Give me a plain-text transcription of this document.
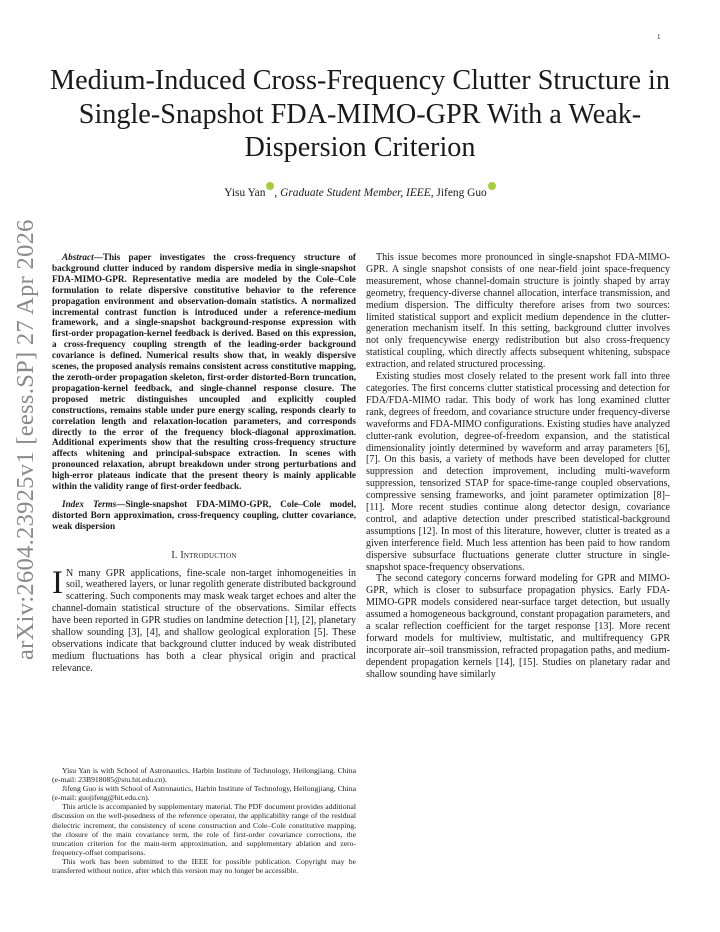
1
arXiv:2604.23925v1 [eess.SP] 27 Apr 2026
Medium-Induced Cross-Frequency Clutter Structure in Single-Snapshot FDA-MIMO-GPR With a Weak-Dispersion Criterion
Yisu Yan , Graduate Student Member, IEEE, Jifeng Guo

Abstract—This paper investigates the cross-frequency structure of background clutter induced by random dispersive media in single-snapshot FDA-MIMO-GPR. Representative media are modeled by the Cole–Cole formulation to relate dispersive constitutive behavior to the reference propagation environment and observation-domain statistics. A normalized incremental contrast function is introduced under a reference-medium framework, and a single-snapshot background-response expression with first-order propagation-kernel feedback is derived. Based on this expression, a cross-frequency coupling strength of the leading-order background covariance is defined. Numerical results show that, in weakly dispersive scenes, the proposed analysis remains consistent across constitutive mapping, the zeroth-order propagation skeleton, first-order distorted-Born truncation, propagation-kernel feedback, and single-channel response closure. The proposed metric distinguishes uncoupled and explicitly coupled constructions, remains stable under pure energy scaling, responds clearly to correlation length and relaxation-location parameters, and corresponds directly to the error of the frequency block-diagonal approximation. Additional experiments show that the resulting cross-frequency structure affects whitening and principal-subspace extraction. In scenes with pronounced relaxation, abrupt breakdown under strong perturbations and high-error plateaus indicate that the present theory is mainly applicable within the validity range of first-order feedback.

Index Terms—Single-snapshot FDA-MIMO-GPR, Cole–Cole model, distorted Born approximation, cross-frequency coupling, clutter covariance, weak dispersion

I. Introduction

I N many GPR applications, fine-scale non-target inhomogeneities in soil, weathered layers, or lunar regolith generate distributed background scattering. Such components may mask weak target echoes and alter the channel-domain statistical structure of the observations. Similar effects have been reported in GPR studies on landmine detection [1], [2], planetary shallow sounding [3], [4], and shallow geological exploration [5]. These observations indicate that background clutter induced by weak distributed medium fluctuations has both a clear physical origin and practical relevance.

This issue becomes more pronounced in single-snapshot FDA-MIMO-GPR. A single snapshot consists of one near-field joint space-frequency measurement, whose channel-domain structure is jointly shaped by array geometry, frequency-diverse channel allocation, interface transmission, and medium dispersion. The difficulty therefore arises from two sources: limited statistical support and explicit medium dependence in the clutter-generation mechanism itself. In this setting, background clutter involves not only frequencywise energy redistribution but also cross-frequency statistical coupling, which directly affects subsequent whitening, subspace extraction, and related structured processing.

Existing studies most closely related to the present work fall into three categories. The first concerns clutter statistical processing and detection for FDA/FDA-MIMO radar. This body of work has long examined clutter rank, degrees of freedom, and covariance structure under frequency-diverse waveforms and FDA-MIMO configurations. Existing studies have analyzed clutter-rank evolution, degree-of-freedom expansion, and the statistical dimensionality jointly determined by waveform and array parameters [6], [7]. On this basis, a variety of methods have been developed for clutter suppression and detection improvement, including multi-waveform suppression, tensorized STAP for space-time-range coupled observations, compressive sensing frameworks, and joint parameter optimization [8]–[11]. More recent studies continue along detector design, covariance control, and adaptive detection under prescribed statistical-background assumptions [12]. In most of this literature, however, clutter is treated as a given interference field. Much less attention has been paid to how random dispersive subsurface fluctuations generate clutter structure in single-snapshot space-frequency observations.

The second category concerns forward modeling for GPR and MIMO-GPR, which is closer to subsurface propagation physics. Early FDA-MIMO-GPR models considered near-surface target detection, but usually assumed a homogeneous background, constant propagation parameters, and a scalar reflection coefficient for the target response [13]. More recent forward models for multiview, multistatic, and multifrequency GPR incorporate air–soil transmission, refracted propagation paths, and medium-dependent propagation kernels [14], [15]. Studies on planetary radar and shallow sounding have similarly

Yisu Yan is with School of Astronautics, Harbin Institute of Technology, Heilongjiang, China (e-mail: 23B918085@stu.hit.edu.cn).

Jifeng Guo is with School of Astronautics, Harbin Institute of Technology, Heilongjiang, China (e-mail: guojifeng@hit.edu.cn).

This article is accompanied by supplementary material. The PDF document provides additional discussion on the well-posedness of the reference operator, the applicability range of the residual dielectric increment, the consistency of scene construction and Cole–Cole constitutive mapping, the closure of the main covariance term, the role of first-order covariance corrections, the truncation criterion for the main-term approximation, and supplementary ablation and zero-frequency-offset comparisons.

This work has been submitted to the IEEE for possible publication. Copyright may be transferred without notice, after which this version may no longer be accessible.
